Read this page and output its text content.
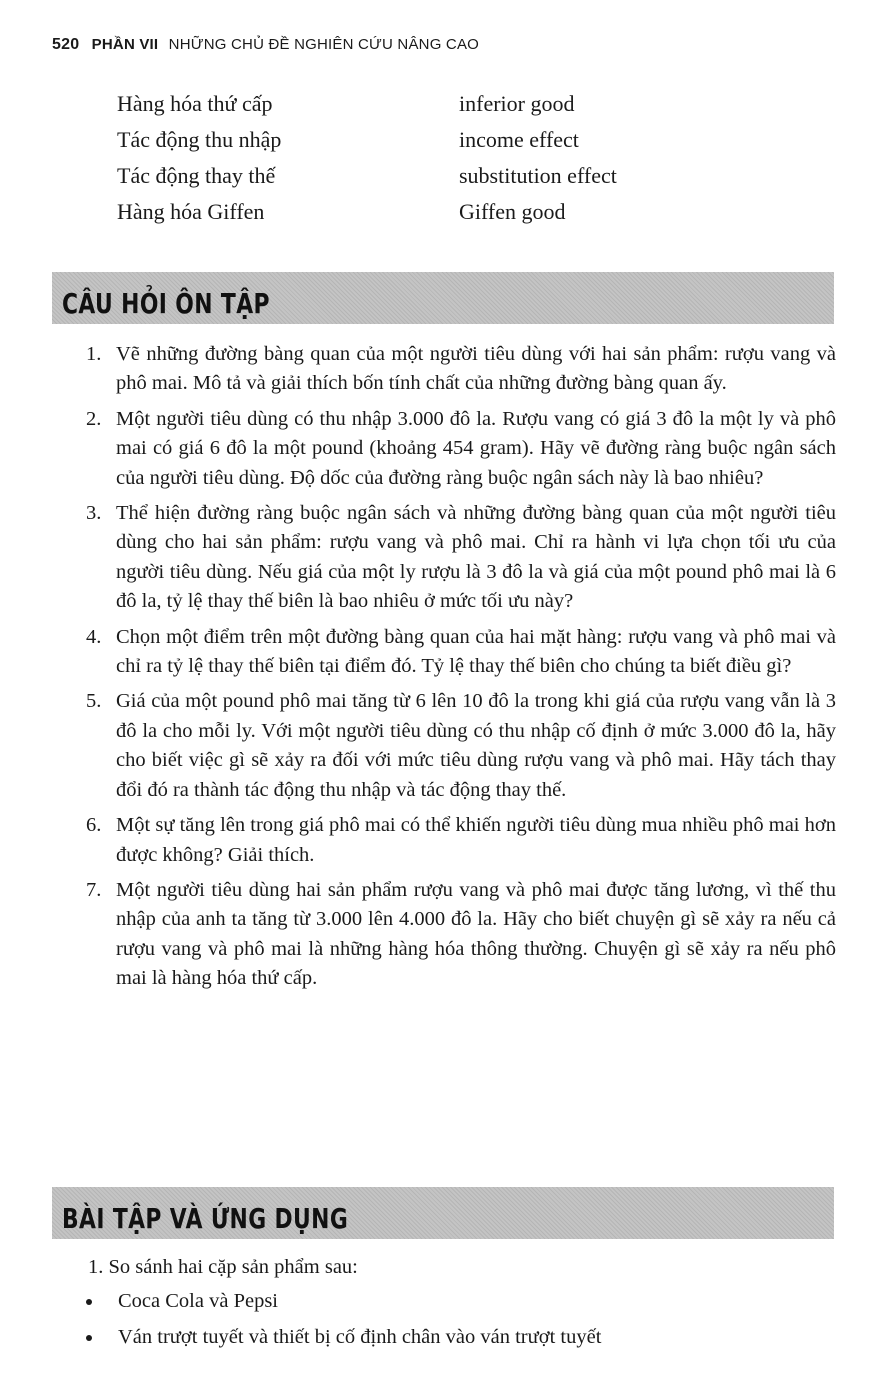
520 PHẦN VII NHỮNG CHỦ ĐỀ NGHIÊN CỨU NÂNG CAO
Hàng hóa thứ cấp	inferior good
Tác động thu nhập	income effect
Tác động thay thế	substitution effect
Hàng hóa Giffen	Giffen good
CÂU HỎI ÔN TẬP
1. Vẽ những đường bàng quan của một người tiêu dùng với hai sản phẩm: rượu vang và phô mai. Mô tả và giải thích bốn tính chất của những đường bàng quan ấy.
2. Một người tiêu dùng có thu nhập 3.000 đô la. Rượu vang có giá 3 đô la một ly và phô mai có giá 6 đô la một pound (khoảng 454 gram). Hãy vẽ đường ràng buộc ngân sách của người tiêu dùng. Độ dốc của đường ràng buộc ngân sách này là bao nhiêu?
3. Thể hiện đường ràng buộc ngân sách và những đường bàng quan của một người tiêu dùng cho hai sản phẩm: rượu vang và phô mai. Chỉ ra hành vi lựa chọn tối ưu của người tiêu dùng. Nếu giá của một ly rượu là 3 đô la và giá của một pound phô mai là 6 đô la, tỷ lệ thay thế biên là bao nhiêu ở mức tối ưu này?
4. Chọn một điểm trên một đường bàng quan của hai mặt hàng: rượu vang và phô mai và chỉ ra tỷ lệ thay thế biên tại điểm đó. Tỷ lệ thay thế biên cho chúng ta biết điều gì?
5. Giá của một pound phô mai tăng từ 6 lên 10 đô la trong khi giá của rượu vang vẫn là 3 đô la cho mỗi ly. Với một người tiêu dùng có thu nhập cố định ở mức 3.000 đô la, hãy cho biết việc gì sẽ xảy ra đối với mức tiêu dùng rượu vang và phô mai. Hãy tách thay đổi đó ra thành tác động thu nhập và tác động thay thế.
6. Một sự tăng lên trong giá phô mai có thể khiến người tiêu dùng mua nhiều phô mai hơn được không? Giải thích.
7. Một người tiêu dùng hai sản phẩm rượu vang và phô mai được tăng lương, vì thế thu nhập của anh ta tăng từ 3.000 lên 4.000 đô la. Hãy cho biết chuyện gì sẽ xảy ra nếu cả rượu vang và phô mai là những hàng hóa thông thường. Chuyện gì sẽ xảy ra nếu phô mai là hàng hóa thứ cấp.
BÀI TẬP VÀ ỨNG DỤNG
1. So sánh hai cặp sản phẩm sau:
Coca Cola và Pepsi
Ván trượt tuyết và thiết bị cố định chân vào ván trượt tuyết
